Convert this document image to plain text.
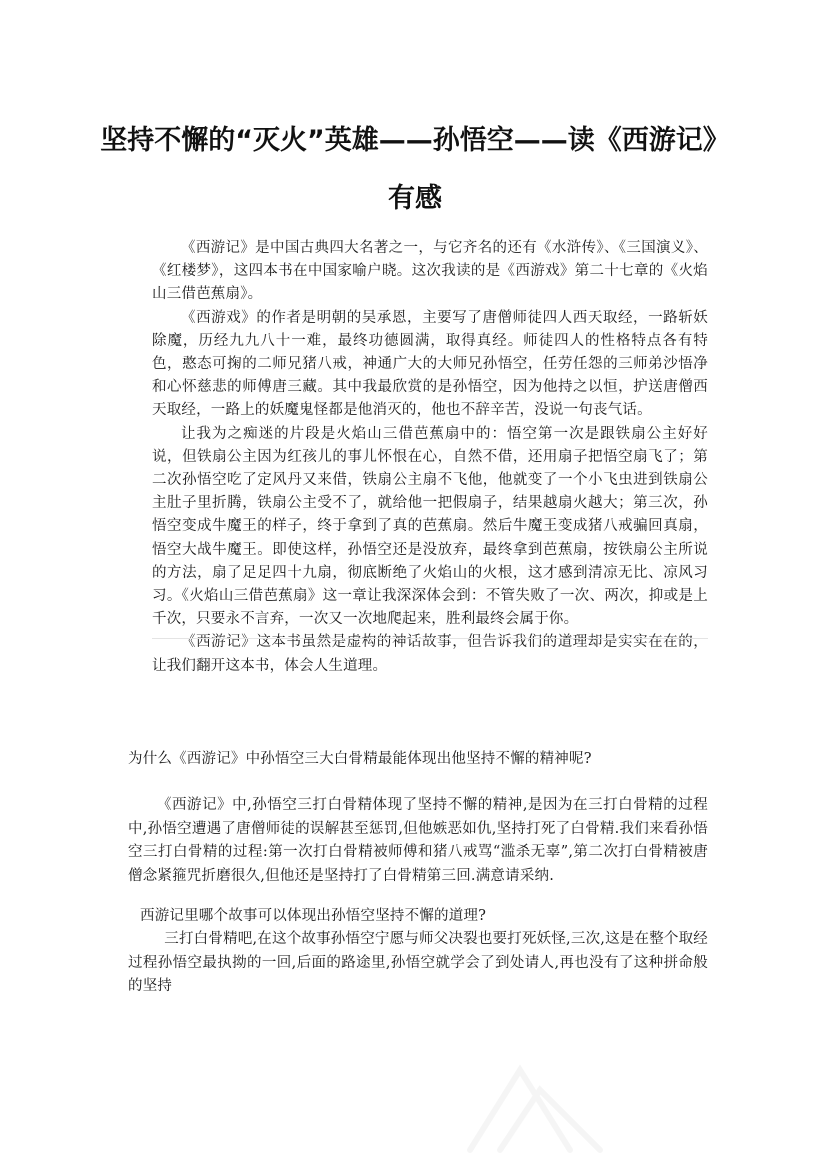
坚持不懈的“灭火”英雄——孙悟空——读《西游记》
有感

《西游记》是中国古典四大名著之一，与它齐名的还有《水浒传》、《三国演义》、《红楼梦》，这四本书在中国家喻户晓。这次我读的是《西游戏》第二十七章的《火焰山三借芭蕉扇》。

《西游戏》的作者是明朝的吴承恩，主要写了唐僧师徒四人西天取经，一路斩妖除魔，历经九九八十一难，最终功德圆满，取得真经。师徒四人的性格特点各有特色，憨态可掬的二师兄猪八戒，神通广大的大师兄孙悟空，任劳任怨的三师弟沙悟净和心怀慈悲的师傅唐三藏。其中我最欣赏的是孙悟空，因为他持之以恒，护送唐僧西天取经，一路上的妖魔鬼怪都是他消灭的，他也不辞辛苦，没说一句丧气话。

让我为之痴迷的片段是火焰山三借芭蕉扇中的：悟空第一次是跟铁扇公主好好说，但铁扇公主因为红孩儿的事儿怀恨在心，自然不借，还用扇子把悟空扇飞了；第二次孙悟空吃了定风丹又来借，铁扇公主扇不飞他，他就变了一个小飞虫进到铁扇公主肚子里折腾，铁扇公主受不了，就给他一把假扇子，结果越扇火越大；第三次，孙悟空变成牛魔王的样子，终于拿到了真的芭蕉扇。然后牛魔王变成猪八戒骗回真扇，悟空大战牛魔王。即使这样，孙悟空还是没放弃，最终拿到芭蕉扇，按铁扇公主所说的方法，扇了足足四十九扇，彻底断绝了火焰山的火根，这才感到清凉无比、凉风习习。《火焰山三借芭蕉扇》这一章让我深深体会到：不管失败了一次、两次，抑或是上千次，只要永不言弃，一次又一次地爬起来，胜利最终会属于你。

《西游记》这本书虽然是虚构的神话故事，但告诉我们的道理却是实实在在的，让我们翻开这本书，体会人生道理。

为什么《西游记》中孙悟空三大白骨精最能体现出他坚持不懈的精神呢?

《西游记》中,孙悟空三打白骨精体现了坚持不懈的精神,是因为在三打白骨精的过程中,孙悟空遭遇了唐僧师徒的误解甚至惩罚,但他嫉恶如仇,坚持打死了白骨精.我们来看孙悟空三打白骨精的过程:第一次打白骨精被师傅和猪八戒骂“滥杀无辜”,第二次打白骨精被唐僧念紧箍咒折磨很久,但他还是坚持打了白骨精第三回.满意请采纳.

西游记里哪个故事可以体现出孙悟空坚持不懈的道理?

三打白骨精吧,在这个故事孙悟空宁愿与师父决裂也要打死妖怪,三次,这是在整个取经过程孙悟空最执拗的一回,后面的路途里,孙悟空就学会了到处请人,再也没有了这种拼命般的坚持
